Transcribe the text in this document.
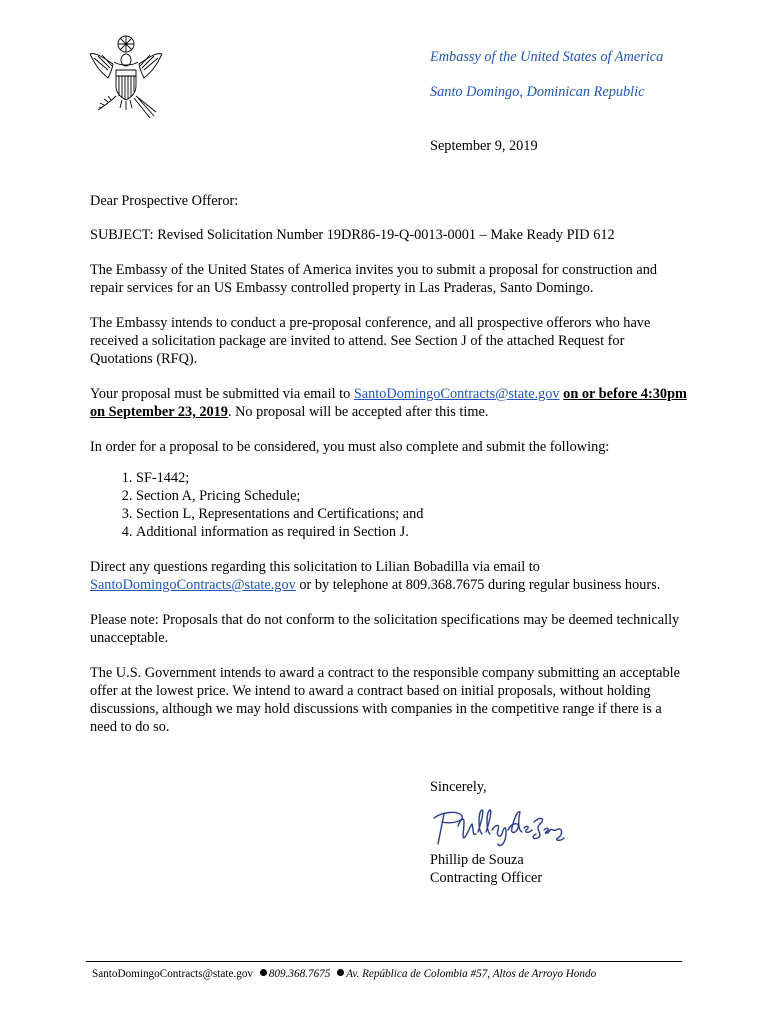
Embassy of the United States of America
Santo Domingo, Dominican Republic
September 9, 2019

Dear Prospective Offeror:

SUBJECT: Revised Solicitation Number 19DR86-19-Q-0013-0001 – Make Ready PID 612

The Embassy of the United States of America invites you to submit a proposal for construction and repair services for an US Embassy controlled property in Las Praderas, Santo Domingo.

The Embassy intends to conduct a pre-proposal conference, and all prospective offerors who have received a solicitation package are invited to attend. See Section J of the attached Request for Quotations (RFQ).

Your proposal must be submitted via email to SantoDomingoContracts@state.gov on or before 4:30pm on September 23, 2019. No proposal will be accepted after this time.

In order for a proposal to be considered, you must also complete and submit the following:

1. SF-1442;
2. Section A, Pricing Schedule;
3. Section L, Representations and Certifications; and
4. Additional information as required in Section J.

Direct any questions regarding this solicitation to Lilian Bobadilla via email to SantoDomingoContracts@state.gov or by telephone at 809.368.7675 during regular business hours.

Please note: Proposals that do not conform to the solicitation specifications may be deemed technically unacceptable.

The U.S. Government intends to award a contract to the responsible company submitting an acceptable offer at the lowest price. We intend to award a contract based on initial proposals, without holding discussions, although we may hold discussions with companies in the competitive range if there is a need to do so.

Sincerely,
Phillip de Souza
Contracting Officer
SantoDomingoContracts@state.gov 809.368.7675 Av. República de Colombia #57, Altos de Arroyo Hondo
